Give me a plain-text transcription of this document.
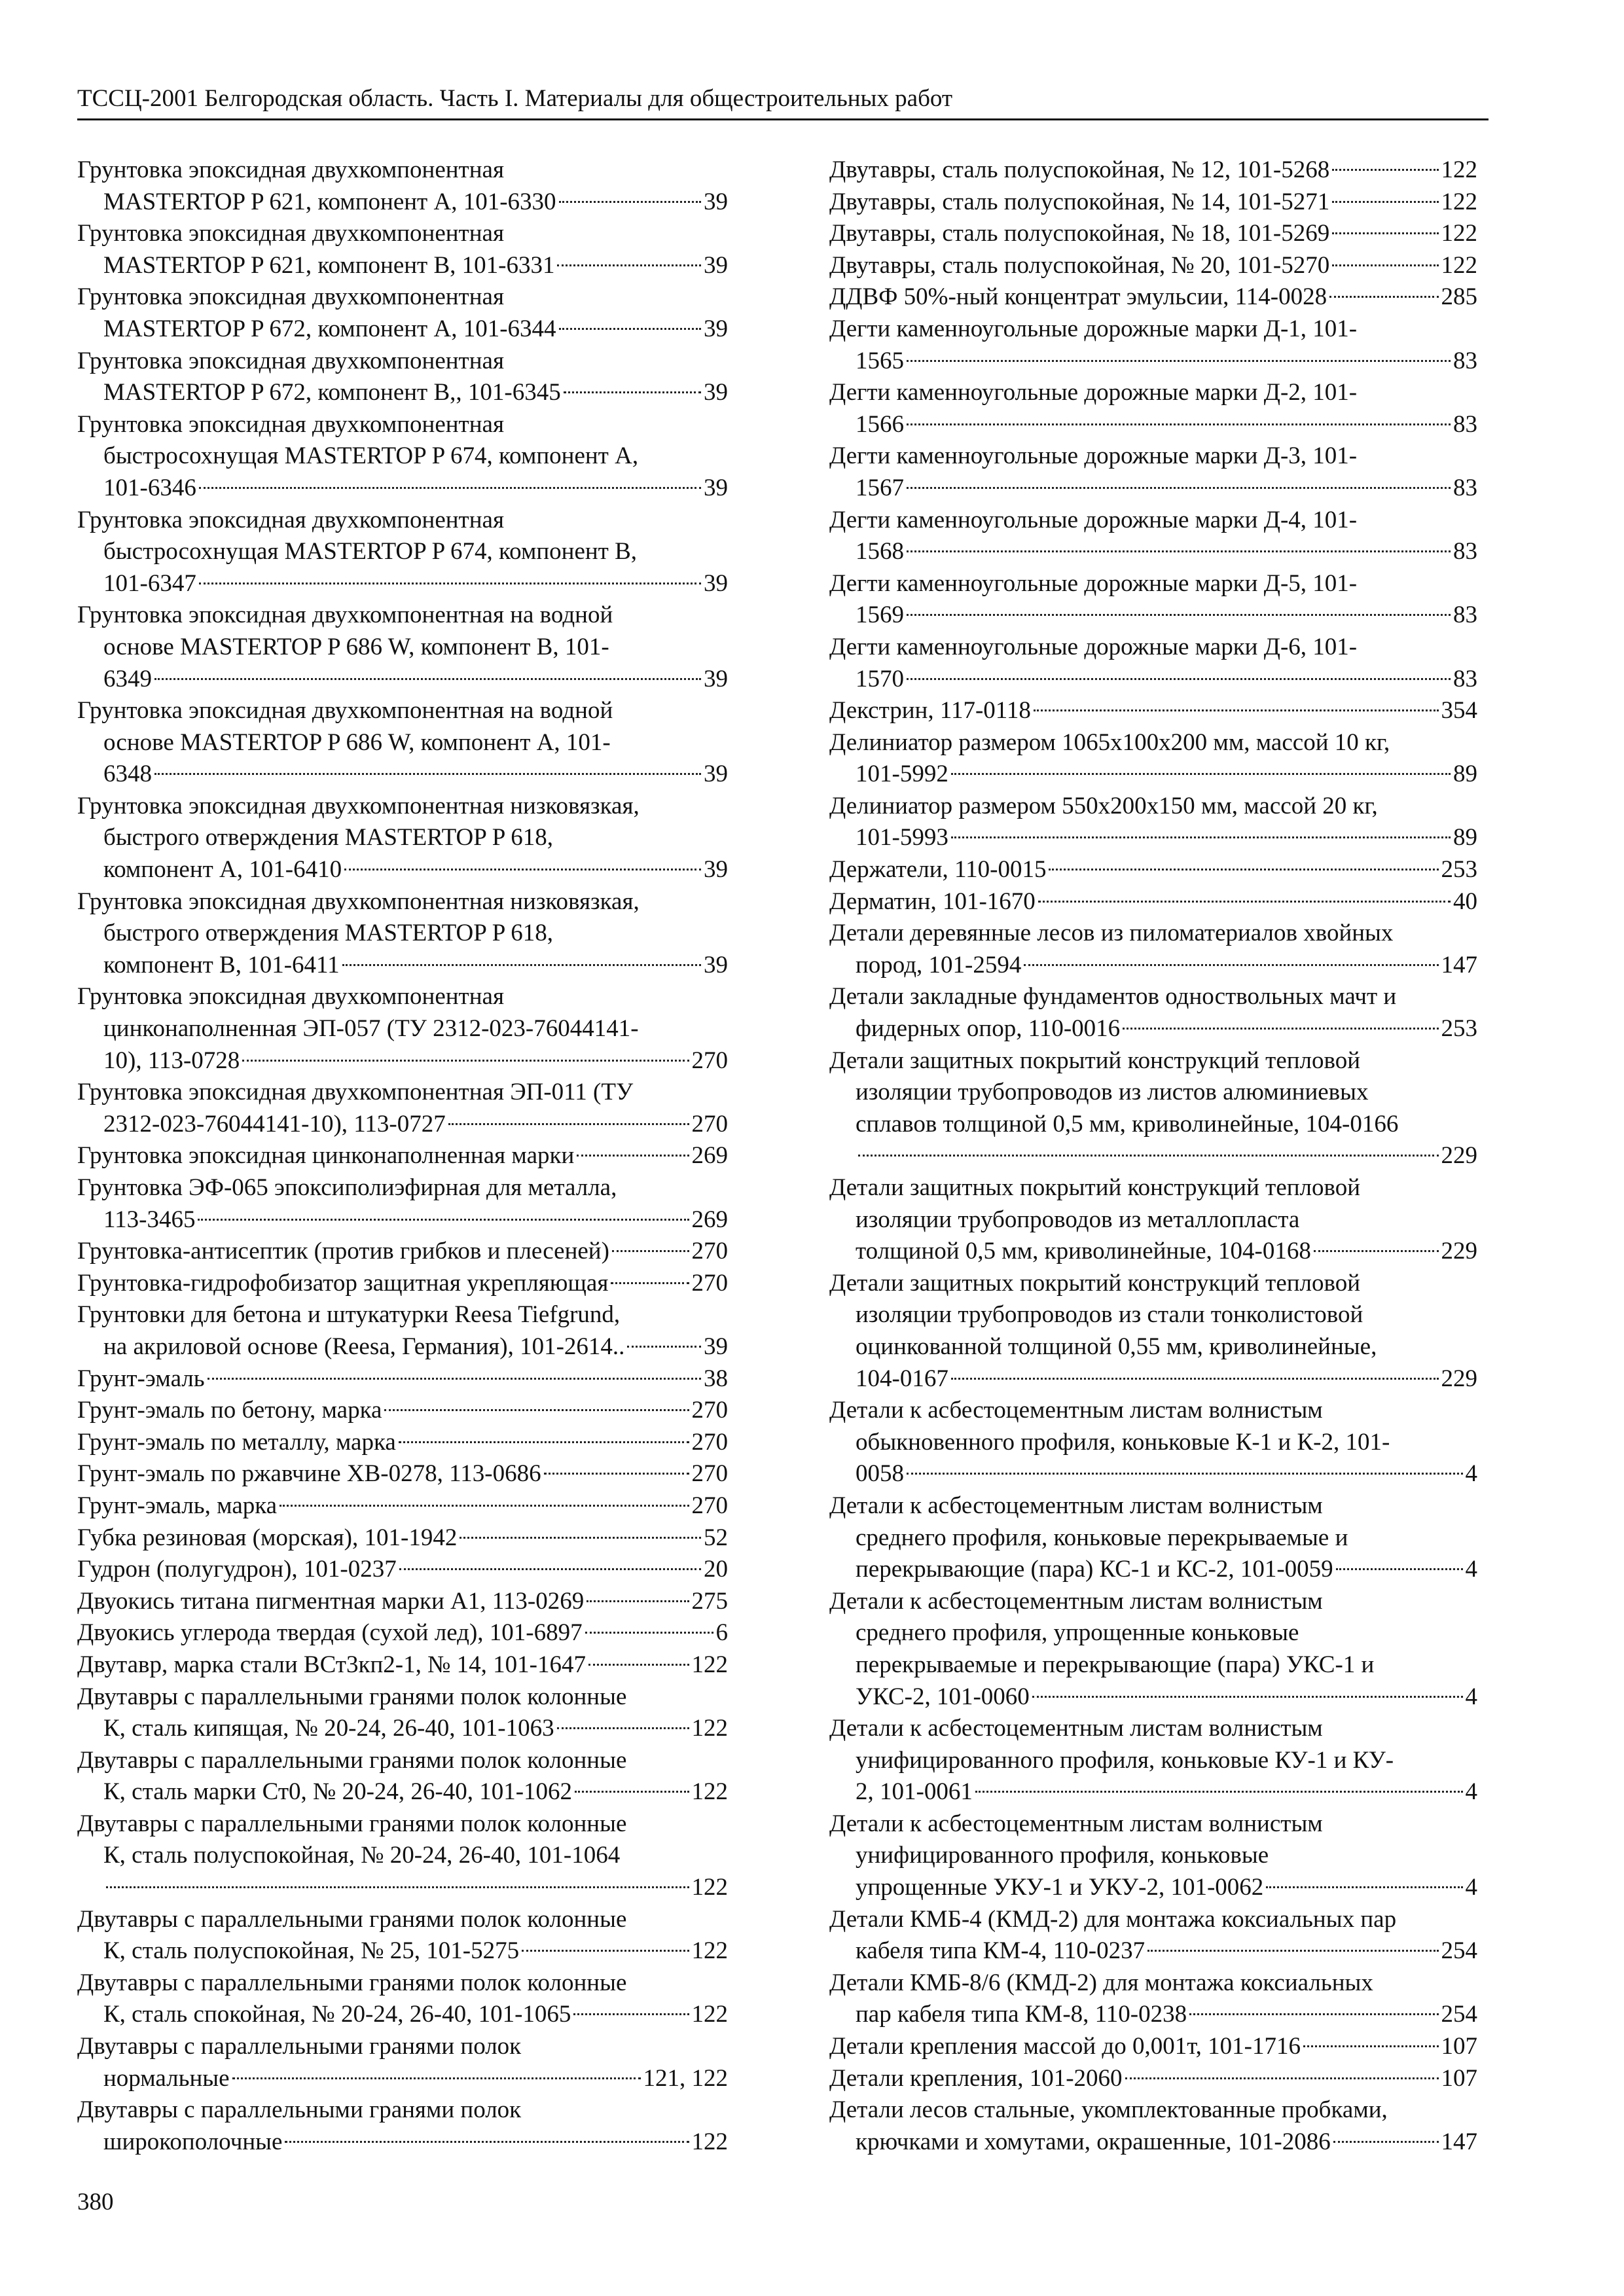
ТССЦ-2001 Белгородская область. Часть I. Материалы для общестроительных работ
Грунтовка эпоксидная двухкомпонентная
MASTERTOP P 621, компонент А, 101-6330	39
Грунтовка эпоксидная двухкомпонентная
MASTERTOP P 621, компонент В, 101-6331	39
Грунтовка эпоксидная двухкомпонентная
MASTERTOP P 672, компонент А, 101-6344	39
Грунтовка эпоксидная двухкомпонентная
MASTERTOP P 672, компонент В,, 101-6345	39
Грунтовка эпоксидная двухкомпонентная
быстросохнущая MASTERTOP P 674, компонент А,
101-6346	39
Грунтовка эпоксидная двухкомпонентная
быстросохнущая MASTERTOP P 674, компонент В,
101-6347	39
Грунтовка эпоксидная двухкомпонентная на водной
основе MASTERTOP P 686 W, компонент В, 101-
6349	39
Грунтовка эпоксидная двухкомпонентная на водной
основе MASTERTOP P 686 W, компонент А, 101-
6348	39
Грунтовка эпоксидная двухкомпонентная низковязкая,
быстрого отверждения MASTERTOP P 618,
компонент А, 101-6410	39
Грунтовка эпоксидная двухкомпонентная низковязкая,
быстрого отверждения MASTERTOP P 618,
компонент В, 101-6411	39
Грунтовка эпоксидная двухкомпонентная
цинконаполненная ЭП-057 (ТУ 2312-023-76044141-
10), 113-0728	270
Грунтовка эпоксидная двухкомпонентная ЭП-011 (ТУ
2312-023-76044141-10), 113-0727	270
Грунтовка эпоксидная цинконаполненная марки	269
Грунтовка ЭФ-065 эпоксиполиэфирная для металла,
113-3465	269
Грунтовка-антисептик (против грибков и плесеней)	270
Грунтовка-гидрофобизатор защитная укрепляющая	270
Грунтовки для бетона и штукатурки Reesa Tiefgrund,
на акриловой основе (Reesa, Германия), 101-2614..	39
Грунт-эмаль	38
Грунт-эмаль по бетону, марка	270
Грунт-эмаль по металлу, марка	270
Грунт-эмаль по ржавчине ХВ-0278, 113-0686	270
Грунт-эмаль, марка	270
Губка резиновая (морская), 101-1942	52
Гудрон (полугудрон), 101-0237	20
Двуокись титана пигментная марки А1, 113-0269	275
Двуокись углерода твердая (сухой лед), 101-6897	6
Двутавр, марка стали ВСт3кп2-1, № 14, 101-1647	122
Двутавры с параллельными гранями полок колонные
К, сталь кипящая, № 20-24, 26-40, 101-1063	122
Двутавры с параллельными гранями полок колонные
К, сталь марки Ст0, № 20-24, 26-40, 101-1062	122
Двутавры с параллельными гранями полок колонные
К, сталь полуспокойная, № 20-24, 26-40, 101-1064
122
Двутавры с параллельными гранями полок колонные
К, сталь полуспокойная, № 25, 101-5275	122
Двутавры с параллельными гранями полок колонные
К, сталь спокойная, № 20-24, 26-40, 101-1065	122
Двутавры с параллельными гранями полок
нормальные	121, 122
Двутавры с параллельными гранями полок
широкополочные	122
Двутавры, сталь полуспокойная, № 12, 101-5268	122
Двутавры, сталь полуспокойная, № 14, 101-5271	122
Двутавры, сталь полуспокойная, № 18, 101-5269	122
Двутавры, сталь полуспокойная, № 20, 101-5270	122
ДДВФ 50%-ный концентрат эмульсии, 114-0028	285
Дегти каменноугольные дорожные марки Д-1, 101-
1565	83
Дегти каменноугольные дорожные марки Д-2, 101-
1566	83
Дегти каменноугольные дорожные марки Д-3, 101-
1567	83
Дегти каменноугольные дорожные марки Д-4, 101-
1568	83
Дегти каменноугольные дорожные марки Д-5, 101-
1569	83
Дегти каменноугольные дорожные марки Д-6, 101-
1570	83
Декстрин, 117-0118	354
Делиниатор размером 1065х100х200 мм, массой 10 кг,
101-5992	89
Делиниатор размером 550х200х150 мм, массой 20 кг,
101-5993	89
Держатели, 110-0015	253
Дерматин, 101-1670	40
Детали деревянные лесов из пиломатериалов хвойных
пород, 101-2594	147
Детали закладные фундаментов одноствольных мачт и
фидерных опор, 110-0016	253
Детали защитных покрытий конструкций тепловой
изоляции трубопроводов из листов алюминиевых
сплавов толщиной 0,5 мм, криволинейные, 104-0166
229
Детали защитных покрытий конструкций тепловой
изоляции трубопроводов из металлопласта
толщиной 0,5 мм, криволинейные, 104-0168	229
Детали защитных покрытий конструкций тепловой
изоляции трубопроводов из стали тонколистовой
оцинкованной толщиной 0,55 мм, криволинейные,
104-0167	229
Детали к асбестоцементным листам волнистым
обыкновенного профиля, коньковые К-1 и К-2, 101-
0058	4
Детали к асбестоцементным листам волнистым
среднего профиля, коньковые перекрываемые и
перекрывающие (пара) КС-1 и КС-2, 101-0059	4
Детали к асбестоцементным листам волнистым
среднего профиля, упрощенные коньковые
перекрываемые и перекрывающие (пара) УКС-1 и
УКС-2, 101-0060	4
Детали к асбестоцементным листам волнистым
унифицированного профиля, коньковые КУ-1 и КУ-
2, 101-0061	4
Детали к асбестоцементным листам волнистым
унифицированного профиля, коньковые
упрощенные УКУ-1 и УКУ-2, 101-0062	4
Детали КМБ-4 (КМД-2) для монтажа коксиальных пар
кабеля типа КМ-4, 110-0237	254
Детали КМБ-8/6 (КМД-2) для монтажа коксиальных
пар кабеля типа КМ-8, 110-0238	254
Детали крепления массой до 0,001т, 101-1716	107
Детали крепления, 101-2060	107
Детали лесов стальные, укомплектованные пробками,
крючками и хомутами, окрашенные, 101-2086	147
380
